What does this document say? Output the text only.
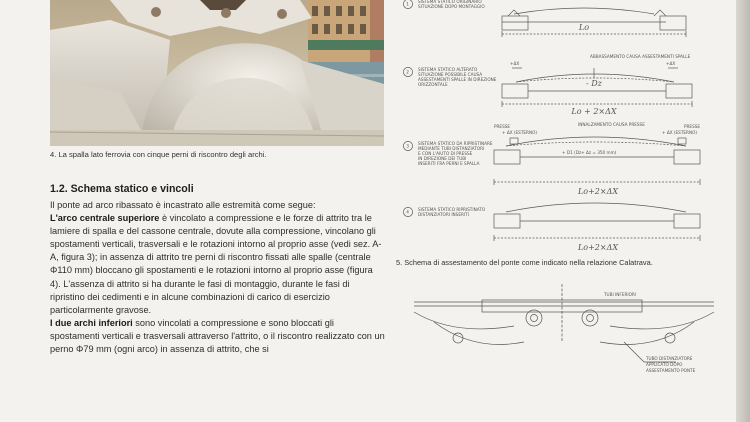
4. La spalla lato ferrovia con cinque perni di riscontro degli archi.
1.2. Schema statico e vincoli

Il ponte ad arco ribassato è incastrato alle estremità come segue:

L'arco centrale superiore è vincolato a compressione e le forze di attrito tra le lamiere di spalla e del cassone centrale, dovute alla compressione, vincolano gli spostamenti verticali, trasversali e le rotazioni intorno al proprio asse (vedi sez. A-A, figura 3); in assenza di attrito tre perni di riscontro fissati alle spalle (centrale Φ110 mm) bloccano gli spostamenti e le rotazioni intorno al proprio asse (figura 4). L'assenza di attrito si ha durante le fasi di montaggio, durante le fasi di ripristino dei cedimenti e in alcune combinazioni di carico di esercizio particolarmente gravose.

I due archi inferiori sono vincolati a compressione e sono bloccati gli spostamenti verticali e trasversali attraverso l'attrito, o il riscontro realizzato con un perno Φ79 mm (ogni arco) in assenza di attrito, che si

1
SISTEMA STATICO ORIGINARIO
SITUAZIONE DOPO MONTAGGIO
Lo
2
SISTEMA STATICO ALTERATO
SITUAZIONE POSSIBILE CAUSA
ASSESTAMENTI SPALLE IN DIREZIONE
ORIZZONTALE
ABBASSAMENTO CAUSA ASSESTAMENTI SPALLE
+ΔX	+ΔX
- Dz
Lo + 2×ΔX
3
SISTEMA STATICO DA RIPRISTINARE
MEDIANTE TUBI DISTANZIATORI
E CON L'AIUTO DI PRESSE
IN DIREZIONE DEI TUBI
INSERITI FRA PERNI E SPALLA
PRESSE	PRESSE
INNALZAMENTO CAUSA PRESSE
+ ΔX (ESTERNO)	+ ΔX (ESTERNO)
+ D1 (Dz+ Δz = 350 mm)
Lo+2×ΔX
4
SISTEMA STATICO RIPRISTINATO
DISTANZIATORI INSERITI
Lo+2×ΔX
5. Schema di assestamento del ponte come indicato nella relazione Calatrava.
TUBI INFERIORI
TUBO DISTANZIATORE
APPLICATO DOPO
ASSESTAMENTO PONTE
